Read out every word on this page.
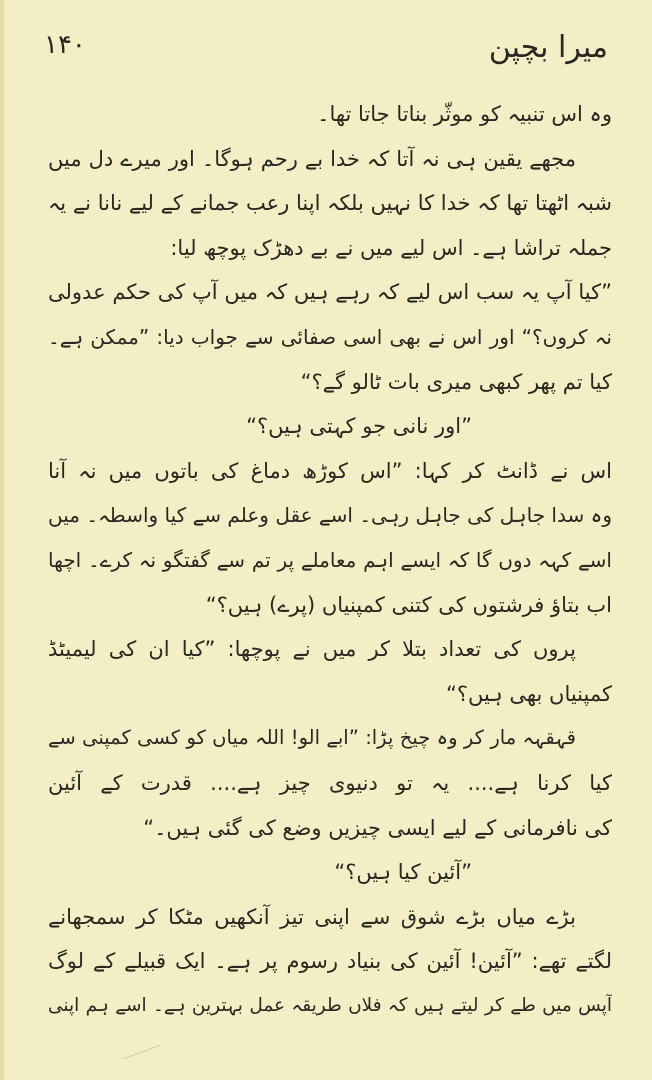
۱۴۰	میرا بچپن
وہ اس تنبیہ کو موثّر بناتا جاتا تھا۔
مجھے یقین ہی نہ آتا کہ خدا بے رحم ہوگا۔ اور میرے دل میں
شبہ اٹھتا تھا کہ خدا کا نہیں بلکہ اپنا رعب جمانے کے لیے نانا نے یہ
جملہ تراشا ہے۔ اس لیے میں نے بے دھڑک پوچھ لیا:
”کیا آپ یہ سب اس لیے کہ رہے ہیں کہ میں آپ کی حکم عدولی
نہ کروں؟“ اور اس نے بھی اسی صفائی سے جواب دیا: ”ممکن ہے۔
کیا تم پھر کبھی میری بات ٹالو گے؟“
”اور نانی جو کہتی ہیں؟“
اس نے ڈانٹ کر کہا: ”اس کوڑھ دماغ کی باتوں میں نہ آنا
وہ سدا جاہل کی جاہل رہی۔ اسے عقل وعلم سے کیا واسطہ۔ میں
اسے کہہ دوں گا کہ ایسے اہم معاملے پر تم سے گفتگو نہ کرے۔ اچھا
اب بتاؤ فرشتوں کی کتنی کمپنیاں (پرے) ہیں؟“
پروں کی تعداد بتلا کر میں نے پوچھا: ”کیا ان کی لیمیٹڈ
کمپنیاں بھی ہیں؟“
قہقہہ مار کر وہ چیخ پڑا: ”ابے الو! اللہ میاں کو کسی کمپنی سے
کیا کرنا ہے.... یہ تو دنیوی چیز ہے.... قدرت کے آئین
کی نافرمانی کے لیے ایسی چیزیں وضع کی گئی ہیں۔“
”آئین کیا ہیں؟“
بڑے میاں بڑے شوق سے اپنی تیز آنکھیں مٹکا کر سمجھانے
لگتے تھے: ”آئین! آئین کی بنیاد رسوم پر ہے۔ ایک قبیلے کے لوگ
آپس میں طے کر لیتے ہیں کہ فلاں طریقہ عمل بہترین ہے۔ اسے ہم اپنی
